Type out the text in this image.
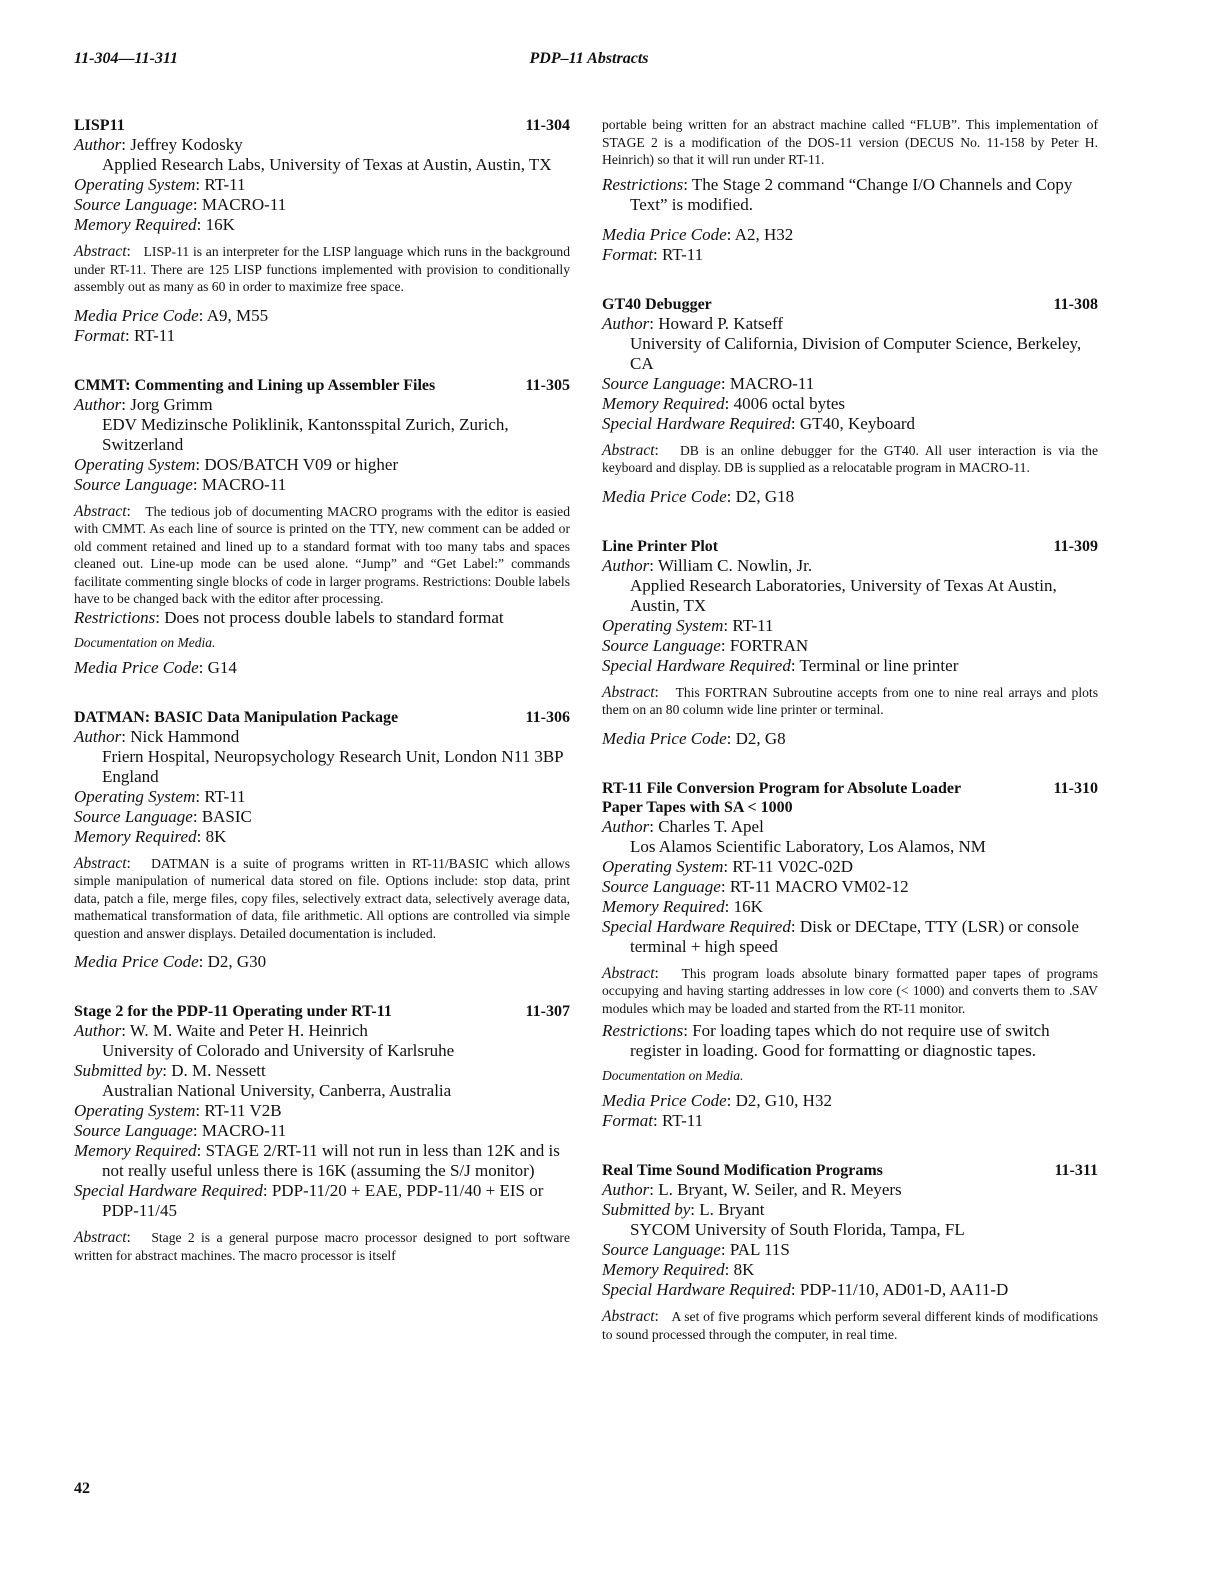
11-304—11-311	PDP–11 Abstracts
LISP11	11-304
Author : Jeffrey Kodosky
Applied Research Labs, University of Texas at Austin, Austin, TX
Operating System : RT-11
Source Language : MACRO-11
Memory Required : 16K
Abstract : LISP-11 is an interpreter for the LISP language which runs in the background under RT-11. There are 125 LISP functions implemented with provision to conditionally assembly out as many as 60 in order to maximize free space.
Media Price Code : A9, M55
Format : RT-11
CMMT: Commenting and Lining up Assembler Files	11-305
Author : Jorg Grimm
EDV Medizinsche Poliklinik, Kantonsspital Zurich, Zurich, Switzerland
Operating System : DOS/BATCH V09 or higher
Source Language : MACRO-11
Abstract : The tedious job of documenting MACRO programs with the editor is easied with CMMT. As each line of source is printed on the TTY, new comment can be added or old comment retained and lined up to a standard format with too many tabs and spaces cleaned out. Line-up mode can be used alone. “Jump” and “Get Label:” commands facilitate commenting single blocks of code in larger programs. Restrictions: Double labels have to be changed back with the editor after processing.
Restrictions : Does not process double labels to standard format
Documentation on Media.
Media Price Code : G14
DATMAN: BASIC Data Manipulation Package	11-306
Author : Nick Hammond
Friern Hospital, Neuropsychology Research Unit, London N11 3BP England
Operating System : RT-11
Source Language : BASIC
Memory Required : 8K
Abstract : DATMAN is a suite of programs written in RT-11/BASIC which allows simple manipulation of numerical data stored on file. Options include: stop data, print data, patch a file, merge files, copy files, selectively extract data, selectively average data, mathematical transformation of data, file arithmetic. All options are controlled via simple question and answer displays. Detailed documentation is included.
Media Price Code : D2, G30
Stage 2 for the PDP-11 Operating under RT-11	11-307
Author : W. M. Waite and Peter H. Heinrich
University of Colorado and University of Karlsruhe
Submitted by : D. M. Nessett
Australian National University, Canberra, Australia
Operating System : RT-11 V2B
Source Language : MACRO-11
Memory Required : STAGE 2/RT-11 will not run in less than 12K and is not really useful unless there is 16K (assuming the S/J monitor)
Special Hardware Required : PDP-11/20 + EAE, PDP-11/40 + EIS or PDP-11/45
Abstract : Stage 2 is a general purpose macro processor designed to port software written for abstract machines. The macro processor is itself
portable being written for an abstract machine called “FLUB”. This implementation of STAGE 2 is a modification of the DOS-11 version (DECUS No. 11-158 by Peter H. Heinrich) so that it will run under RT-11.
Restrictions : The Stage 2 command “Change I/O Channels and Copy Text” is modified.
Media Price Code : A2, H32
Format : RT-11
GT40 Debugger	11-308
Author : Howard P. Katseff
University of California, Division of Computer Science, Berkeley, CA
Source Language : MACRO-11
Memory Required : 4006 octal bytes
Special Hardware Required : GT40, Keyboard
Abstract : DB is an online debugger for the GT40. All user interaction is via the keyboard and display. DB is supplied as a relocatable program in MACRO-11.
Media Price Code : D2, G18
Line Printer Plot	11-309
Author : William C. Nowlin, Jr.
Applied Research Laboratories, University of Texas At Austin, Austin, TX
Operating System : RT-11
Source Language : FORTRAN
Special Hardware Required : Terminal or line printer
Abstract : This FORTRAN Subroutine accepts from one to nine real arrays and plots them on an 80 column wide line printer or terminal.
Media Price Code : D2, G8
RT-11 File Conversion Program for Absolute Loader Paper Tapes with SA < 1000
11-310
Author : Charles T. Apel
Los Alamos Scientific Laboratory, Los Alamos, NM
Operating System : RT-11 V02C-02D
Source Language : RT-11 MACRO VM02-12
Memory Required : 16K
Special Hardware Required : Disk or DECtape, TTY (LSR) or console terminal + high speed
Abstract : This program loads absolute binary formatted paper tapes of programs occupying and having starting addresses in low core (< 1000) and converts them to .SAV modules which may be loaded and started from the RT-11 monitor.
Restrictions : For loading tapes which do not require use of switch register in loading. Good for formatting or diagnostic tapes.
Documentation on Media.
Media Price Code : D2, G10, H32
Format : RT-11
Real Time Sound Modification Programs	11-311
Author : L. Bryant, W. Seiler, and R. Meyers
Submitted by : L. Bryant
SYCOM University of South Florida, Tampa, FL
Source Language : PAL 11S
Memory Required : 8K
Special Hardware Required : PDP-11/10, AD01-D, AA11-D
Abstract : A set of five programs which perform several different kinds of modifications to sound processed through the computer, in real time.
42
